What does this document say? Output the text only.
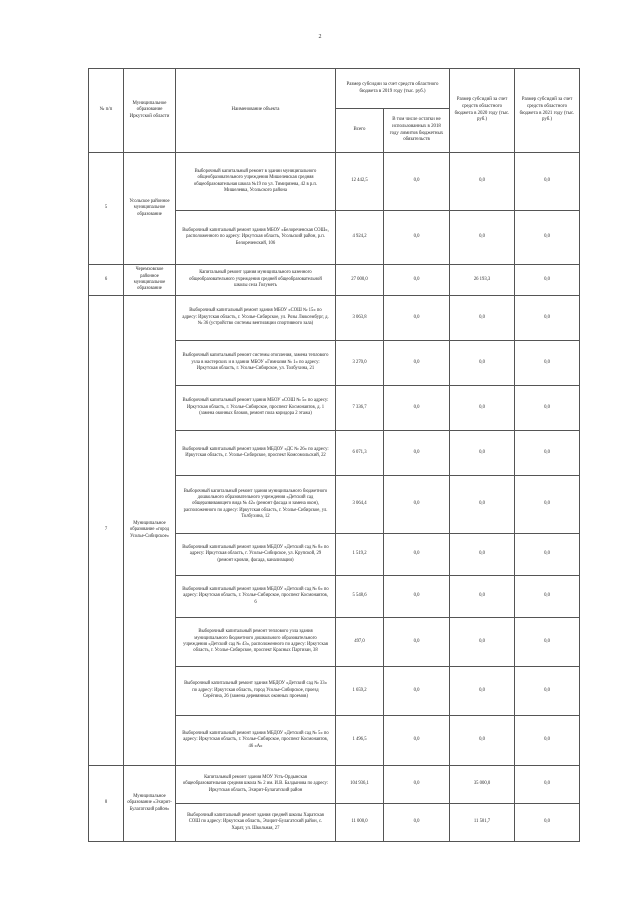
2
№ п/п	Муниципальное образование Иркутской области	Наименование объекта	Размер субсидии за счет средств областного бюджета в 2019 году (тыс. руб.)		Размер субсидий за счет средств областного бюджета в 2020 году (тыс. руб.)	Размер субсидий за счет средств областного бюджета в 2021 году (тыс. руб.)
			Всего	В том числе остатки не использованных в 2018 году лимитов бюджетных обязательств		
5	Усольское районное муниципальное образование	Выборочный капитальный ремонт в здании муниципального общеобразовательного учреждения Мишелевская средняя общеобразовательная школа №19 по ул. Тимирязева, 42 в р.п. Мишелевка, Усольского района	12 442,5	0,0	0,0	0,0
		Выборочный капитальный ремонт здания МБОУ «Белореченская СОШ», расположенного по адресу: Иркутская область, Усольский район, р.п. Белореченский, 106	4 924,2	0,0	0,0	0,0
6	Черемховское районное муниципальное образование	Капитальный ремонт здания муниципального казенного общеобразовательного учреждения средней общеобразовательной школы села Голуметь	27 000,0	0,0	26 193,3	0,0
7	Муниципальное образование «город Усолье-Сибирское»	Выборочный капитальный ремонт здания МБОУ «СОШ № 15» по адресу: Иркутская область, г. Усолье-Сибирское, ул. Розы Люксембург, д. № 36 (устройство системы вентиляции спортивного зала)	3 063,8	0,0	0,0	0,0
		Выборочный капитальный ремонт системы отопления, замена теплового узла в мастерских и в здании МБОУ «Гимназия № 1» по адресу: Иркутская область, г. Усолье-Сибирское, ул. Толбухина, 21	3 270,0	0,0	0,0	0,0
		Выборочный капитальный ремонт здания МБОУ «СОШ № 5» по адресу: Иркутская область, г. Усолье-Сибирское, проспект Космонавтов, д. 1 (замена оконных блоков, ремонт пола коридора 2 этажа)	7 336,7	0,0	0,0	0,0
		Выборочный капитальный ремонт здания МБДОУ «ДС № 26» по адресу: Иркутская область, г. Усолье-Сибирское, проспект Комсомольский, 22	6 071,3	0,0	0,0	0,0
		Выборочный капитальный ремонт здания муниципального бюджетного дошкольного образовательного учреждения «Детский сад общеразвивающего вида № 42» (ремонт фасада и замена окон), расположенного по адресу: Иркутская область, г. Усолье-Сибирское, ул. Толбухина, 12	3 064,4	0,0	0,0	0,0
		Выборочный капитальный ремонт здания МБДОУ «Детский сад № 8» по адресу: Иркутская область, г. Усолье-Сибирское, ул. Крупской, 29 (ремонт кровли, фасада, канализации)	1 519,2	0,0	0,0	0,0
		Выборочный капитальный ремонт здания МБДОУ «Детский сад № 6» по адресу: Иркутская область, г. Усолье-Сибирское, проспект Космонавтов, 6	5 548,6	0,0	0,0	0,0
		Выборочный капитальный ремонт теплового узла здания муниципального бюджетного дошкольного образовательного учреждения «Детский сад № 43», расположенного по адресу: Иркутская область, г. Усолье-Сибирское, проспект Красных Партизан, 38	497,0	0,0	0,0	0,0
		Выборочный капитальный ремонт здания МБДОУ «Детский сад № 33» по адресу: Иркутская область, город Усолье-Сибирское, проезд Серёгина, 26 (замена деревянных оконных проемов)	1 659,2	0,0	0,0	0,0
		Выборочный капитальный ремонт здания МБДОУ «Детский сад № 5» по адресу: Иркутская область, г. Усолье-Сибирское, проспект Космонавтов, 46 «А»	1 496,5	0,0	0,0	0,0
8	Муниципальное образование «Эхирит-Булагатский район»	Капитальный ремонт здания МОУ Усть-Ордынская общеобразовательная средняя школа № 2 им. И.В. Балдынова по адресу: Иркутская область, Эхирит-Булагатский район	104 936,1	0,0	35 000,0	0,0
		Выборочный капитальный ремонт здания средней школы Харатская СОШ по адресу: Иркутская область, Эхирит-Булагатский район, с. Харат, ул. Школьная, 27	11 000,0	0,0	11 501,7	0,0
